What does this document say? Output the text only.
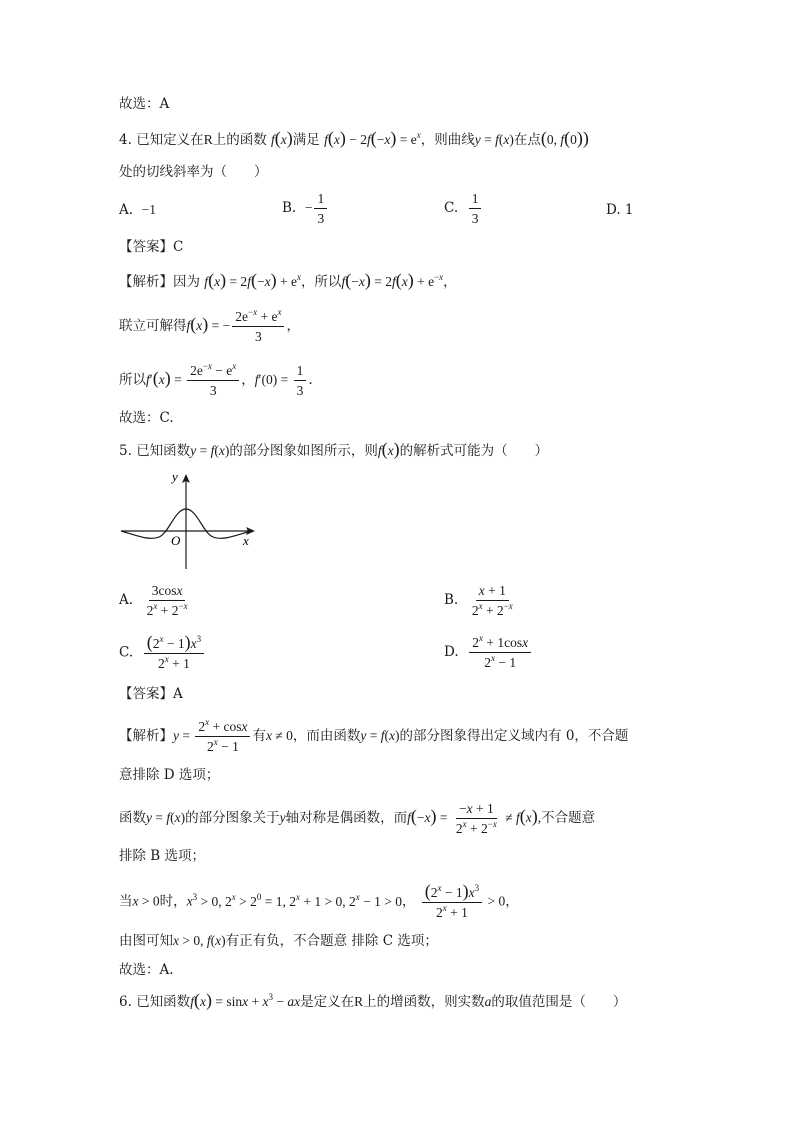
故选：A
4. 已知定义在R上的函数 f(x)满足 $f(x) - 2f(-x) = e^x$，则曲线y = f(x)在点(0, f(0))
处的切线斜率为（　　）
A. −1	B. − $\frac{1}{3}$	C. $\frac{1}{3}$	D. 1
【答案】C
【解析】因为 $f(x) = 2f(-x) + e^x$，所以$f(-x) = 2f(x) + e^{-x}$，
联立可解得f(x) = − $\frac{2e^{-x} + e^x}{3}$ ，
所以$f'(x) = \frac{2e^{-x} - e^x}{3}$ ，$f'(0) = \frac{1}{3}$ .
故选：C.
5. 已知函数y = f(x)的部分图象如图所示，则f(x)的解析式可能为（　　）
y
x
O
A. $\frac{3\cos x}{2^x + 2^{-x}}$	B. $\frac{x + 1}{2^x + 2^{-x}}$
C. $\frac{(2^x - 1)x^3}{2^x + 1}$	D. $\frac{2^x + 1\cos x}{2^x - 1}$
【答案】A
【解析】$y = \frac{2^x + \cos x}{2^x - 1}$ 有x ≠ 0，而由函数y = f(x)的部分图象得出定义域内有 0，不合题
意排除 D 选项；
函数y = f(x)的部分图象关于y轴对称是偶函数，而$f(-x) = \frac{-x + 1}{2^x + 2^{-x}} \ne f(x)$,不合题意
排除 B 选项；
当x > 0时，$x^3 > 0$, $2^x > 2^0 = 1$, $2^x + 1 > 0$, $2^x - 1 > 0$， $\frac{(2^x - 1)x^3}{2^x + 1} > 0$，
由图可知x > 0, f(x)有正有负，不合题意 排除 C 选项；
故选：A.
6. 已知函数$f(x) = \sin x + x^3$ − ax是定义在R上的增函数，则实数a的取值范围是（　　）
